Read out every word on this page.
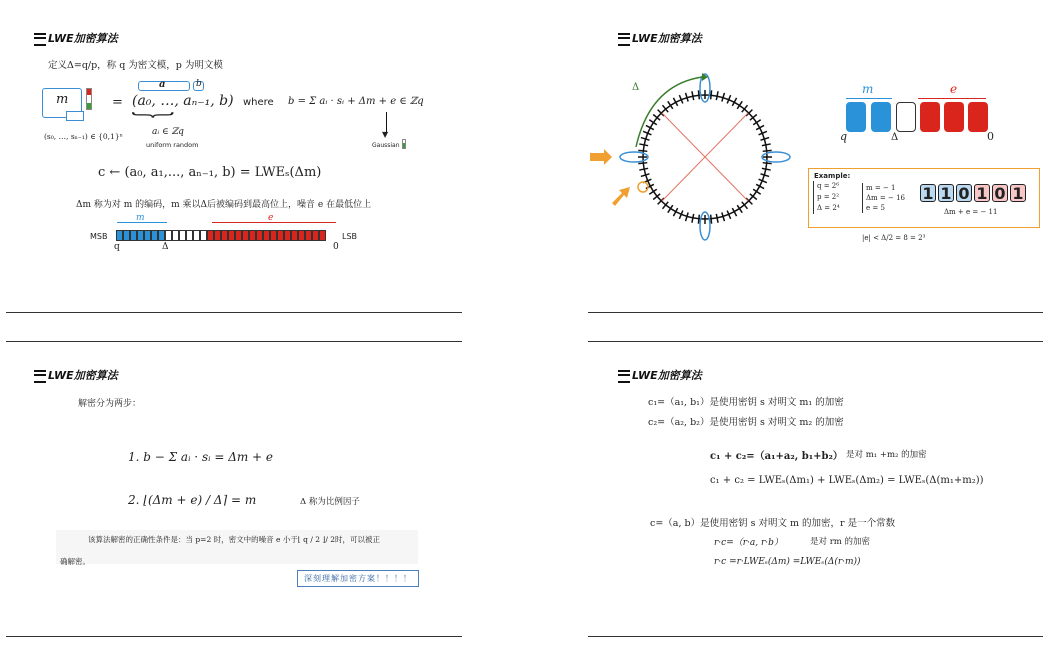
LWE加密算法
定义Δ=q/p，称 q 为密文模，p 为明文模
m
(s₀, …, sₙ₋₁) ∈ {0,1}ⁿ
=
a	b
(a₀, …, aₙ₋₁, b)
}
aᵢ ∈ ℤq
uniform random
where b = Σ aᵢ · sᵢ + Δm + e ∈ ℤq
▼
Gaussian
c ← (a₀, a₁,..., aₙ₋₁, b) = LWEₛ(Δm)
Δm 称为对 m 的编码，m 乘以Δ后被编码到最高位上，噪音 e 在最低位上
m	e
MSB	LSB
q	Δ	0
LWE加密算法
Δ	m	e
q	Δ	0
Example:
q = 2⁶
p = 2²
Δ = 2⁴
m = − 1
Δm = − 16
e = 5
1 1 0 1 0 1
Δm + e = − 11
|e| < Δ/2 = 8 = 2³
LWE加密算法
解密分为两步：
1. b − Σ aᵢ · sᵢ = Δm + e
2. ⌊(Δm + e) / Δ⌉ = m	Δ 称为比例因子
该算法解密的正确性条件是：当 p=2 时，密文中的噪音 e 小于⌊ q / 2 ⌋/ 2时，可以被正
确解密。
深刻理解加密方案！！！！
LWE加密算法
c₁=（a₁, b₁）是使用密钥 s 对明文 m₁ 的加密
c₂=（a₂, b₂）是使用密钥 s 对明文 m₂ 的加密
c₁ + c₂=（a₁+a₂, b₁+b₂） 是对 m₁ +m₂ 的加密
c₁ + c₂ = LWEₛ(Δm₁) + LWEₛ(Δm₂) = LWEₛ(Δ(m₁+m₂))
c=（a, b）是使用密钥 s 对明文 m 的加密，r 是一个常数
r·c=（r·a, r·b）	是对 rm 的加密
r·c =r·LWEₛ(Δm) =LWEₛ(Δ(r·m))
